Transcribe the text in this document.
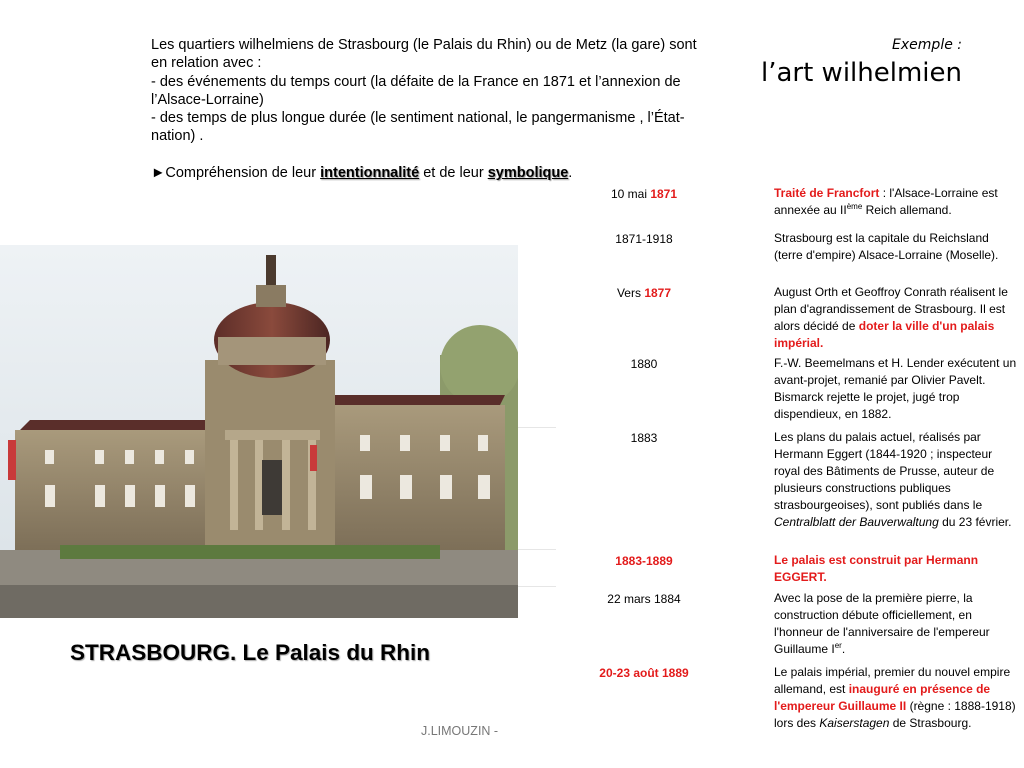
Les quartiers wilhelmiens de Strasbourg (le Palais du Rhin) ou de Metz (la gare) sont en relation avec :

- des événements du temps court (la défaite de la France en 1871 et l’annexion de l’Alsace-Lorraine)

- des temps de plus longue durée (le sentiment national, le pangermanisme , l’État-nation) .

►Compréhension de leur intentionnalité et de leur symbolique.

Exemple :
l’art wilhelmien
STRASBOURG. Le Palais du Rhin
J.LIMOUZIN -
10 mai 1871	Traité de Francfort : l'Alsace-Lorraine est annexée au IIème Reich allemand.
1871-1918	Strasbourg est la capitale du Reichsland (terre d'empire) Alsace-Lorraine (Moselle).
Vers 1877	August Orth et Geoffroy Conrath réalisent le plan d'agrandissement de Strasbourg. Il est alors décidé de doter la ville d'un palais impérial.
1880	F.-W. Beemelmans et H. Lender exécutent un avant-projet, remanié par Olivier Pavelt. Bismarck rejette le projet, jugé trop dispendieux, en 1882.
1883	Les plans du palais actuel, réalisés par Hermann Eggert (1844-1920 ; inspecteur royal des Bâtiments de Prusse, auteur de plusieurs constructions publiques strasbourgeoises), sont publiés dans le Centralblatt der Bauverwaltung du 23 février.
1883-1889	Le palais est construit par Hermann EGGERT.
22 mars 1884	Avec la pose de la première pierre, la construction débute officiellement, en l'honneur de l'anniversaire de l'empereur Guillaume Ier.
20-23 août 1889	Le palais impérial, premier du nouvel empire allemand, est inauguré en présence de l'empereur Guillaume II (règne : 1888-1918) lors des Kaiserstagen de Strasbourg.
